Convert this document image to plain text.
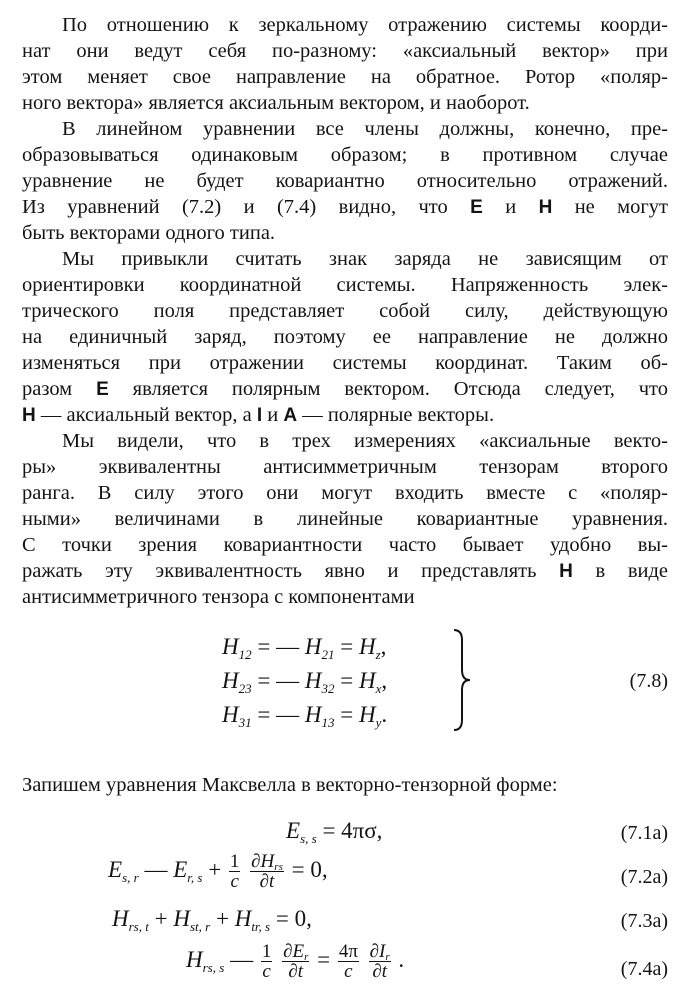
По отношению к зеркальному отражению системы коорди-
нат они ведут себя по-разному: «аксиальный вектор» при
этом меняет свое направление на обратное. Ротор «поляр-
ного вектора» является аксиальным вектором, и наоборот.
В линейном уравнении все члены должны, конечно, пре-
образовываться одинаковым образом; в противном случае
уравнение не будет ковариантно относительно отражений.
Из уравнений (7.2) и (7.4) видно, что E и H не могут
быть векторами одного типа.
Мы привыкли считать знак заряда не зависящим от
ориентировки координатной системы. Напряженность элек-
трического поля представляет собой силу, действующую
на единичный заряд, поэтому ее направление не должно
изменяться при отражении системы координат. Таким об-
разом E является полярным вектором. Отсюда следует, что
H — аксиальный вектор, а I и A — полярные векторы.
Мы видели, что в трех измерениях «аксиальные векто-
ры» эквивалентны антисимметричным тензорам второго
ранга. В силу этого они могут входить вместе с «поляр-
ными» величинами в линейные ковариантные уравнения.
С точки зрения ковариантности часто бывает удобно вы-
ражать эту эквивалентность явно и представлять H в виде
антисимметричного тензора с компонентами
$H_{12}$ = — $H_{21} = H_z$,
$H_{23}$ = — $H_{32} = H_x$,
$H_{31}$ = — $H_{13} = H_y$.
(7.8)
Запишем уравнения Максвелла в векторно-тензорной форме:
$E_{s, s} = 4\pi\sigma$,	(7.1a)
$E_{s, r}$ — $E_{r, s} + \frac{1}{c}$
$\frac{\partial H_{rs}}{\partial t} = 0$,	(7.2a)
$H_{rs, t} + H_{st, r} + H_{tr, s} = 0$,	(7.3a)
$H_{rs, s}$ — $\frac{1}{c}$
$\frac{\partial E_r}{\partial t} = \frac{4\pi}{c}$
$\frac{\partial I_r}{\partial t}$ .	(7.4a)
